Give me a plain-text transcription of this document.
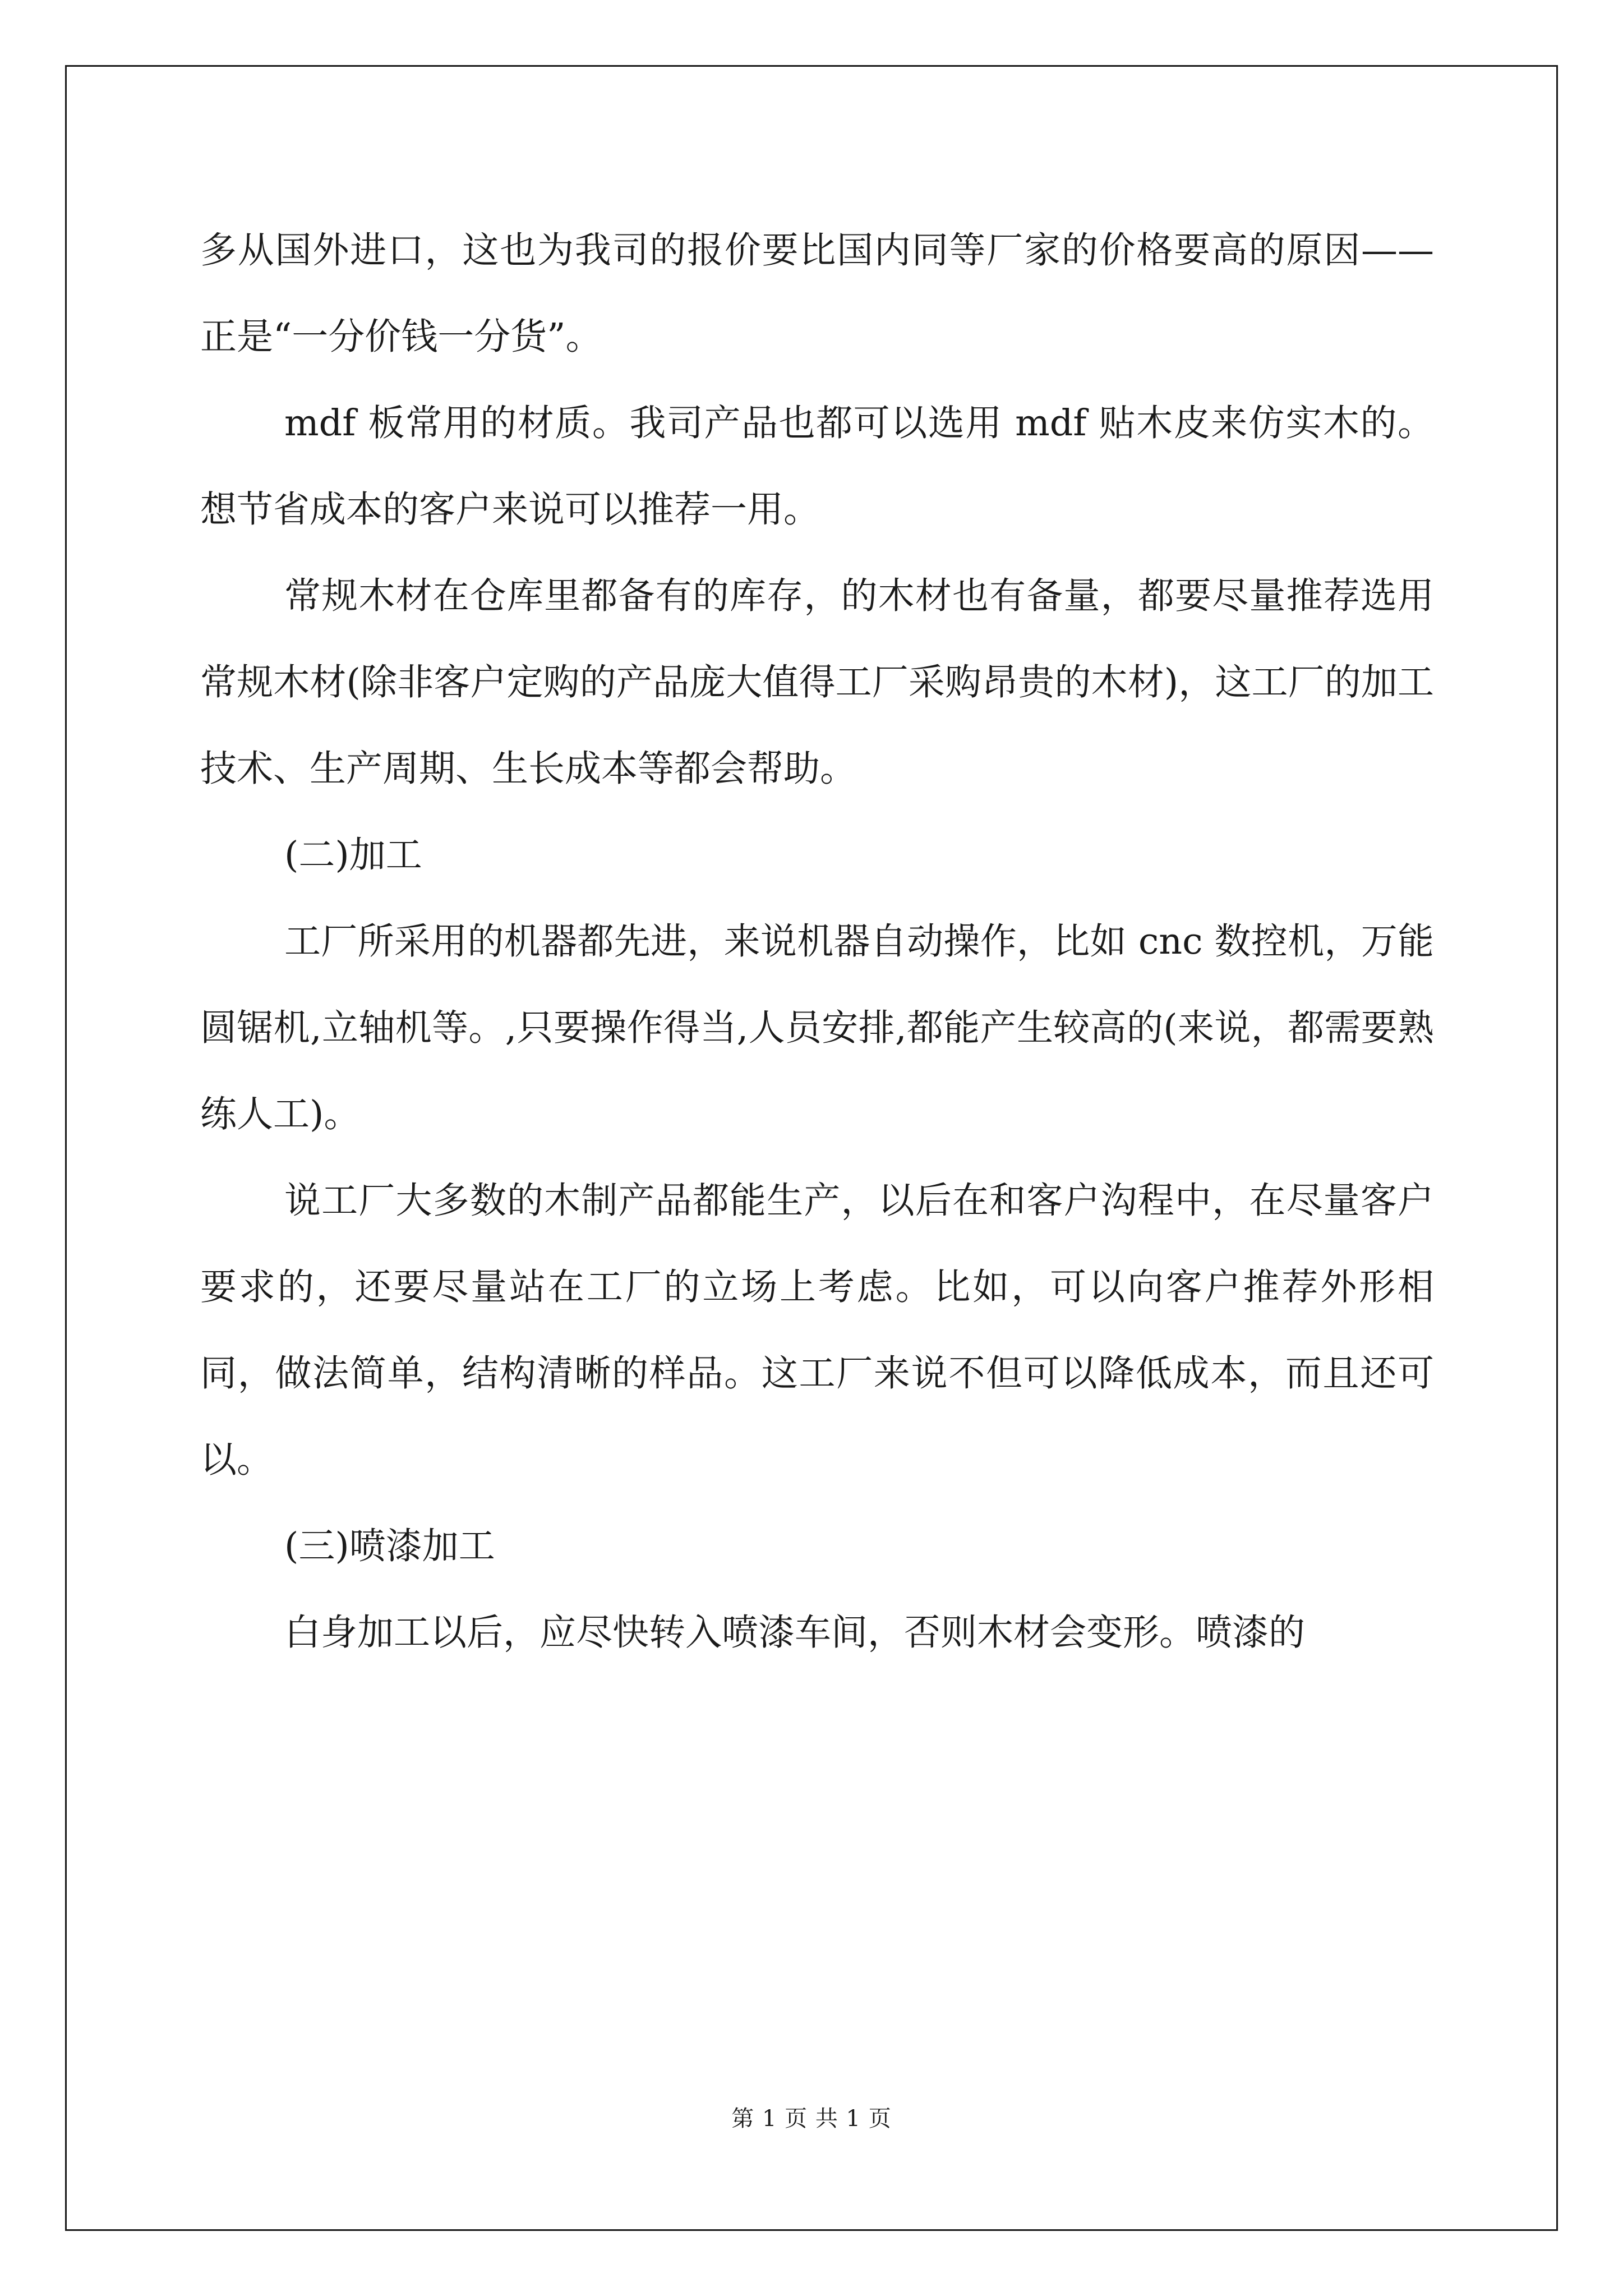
多从国外进口，这也为我司的报价要比国内同等厂家的价格要高的原因——正是“一分价钱一分货”。

mdf 板常用的材质。我司产品也都可以选用 mdf 贴木皮来仿实木的。想节省成本的客户来说可以推荐一用。

常规木材在仓库里都备有的库存，的木材也有备量，都要尽量推荐选用常规木材(除非客户定购的产品庞大值得工厂采购昂贵的木材)，这工厂的加工技术、生产周期、生长成本等都会帮助。

(二)加工

工厂所采用的机器都先进，来说机器自动操作，比如 cnc 数控机，万能圆锯机,立轴机等。,只要操作得当,人员安排,都能产生较高的(来说，都需要熟练人工)。

说工厂大多数的木制产品都能生产，以后在和客户沟程中，在尽量客户要求的，还要尽量站在工厂的立场上考虑。比如，可以向客户推荐外形相同，做法简单，结构清晰的样品。这工厂来说不但可以降低成本，而且还可以。

(三)喷漆加工

白身加工以后，应尽快转入喷漆车间，否则木材会变形。喷漆的

第 1 页 共 1 页
